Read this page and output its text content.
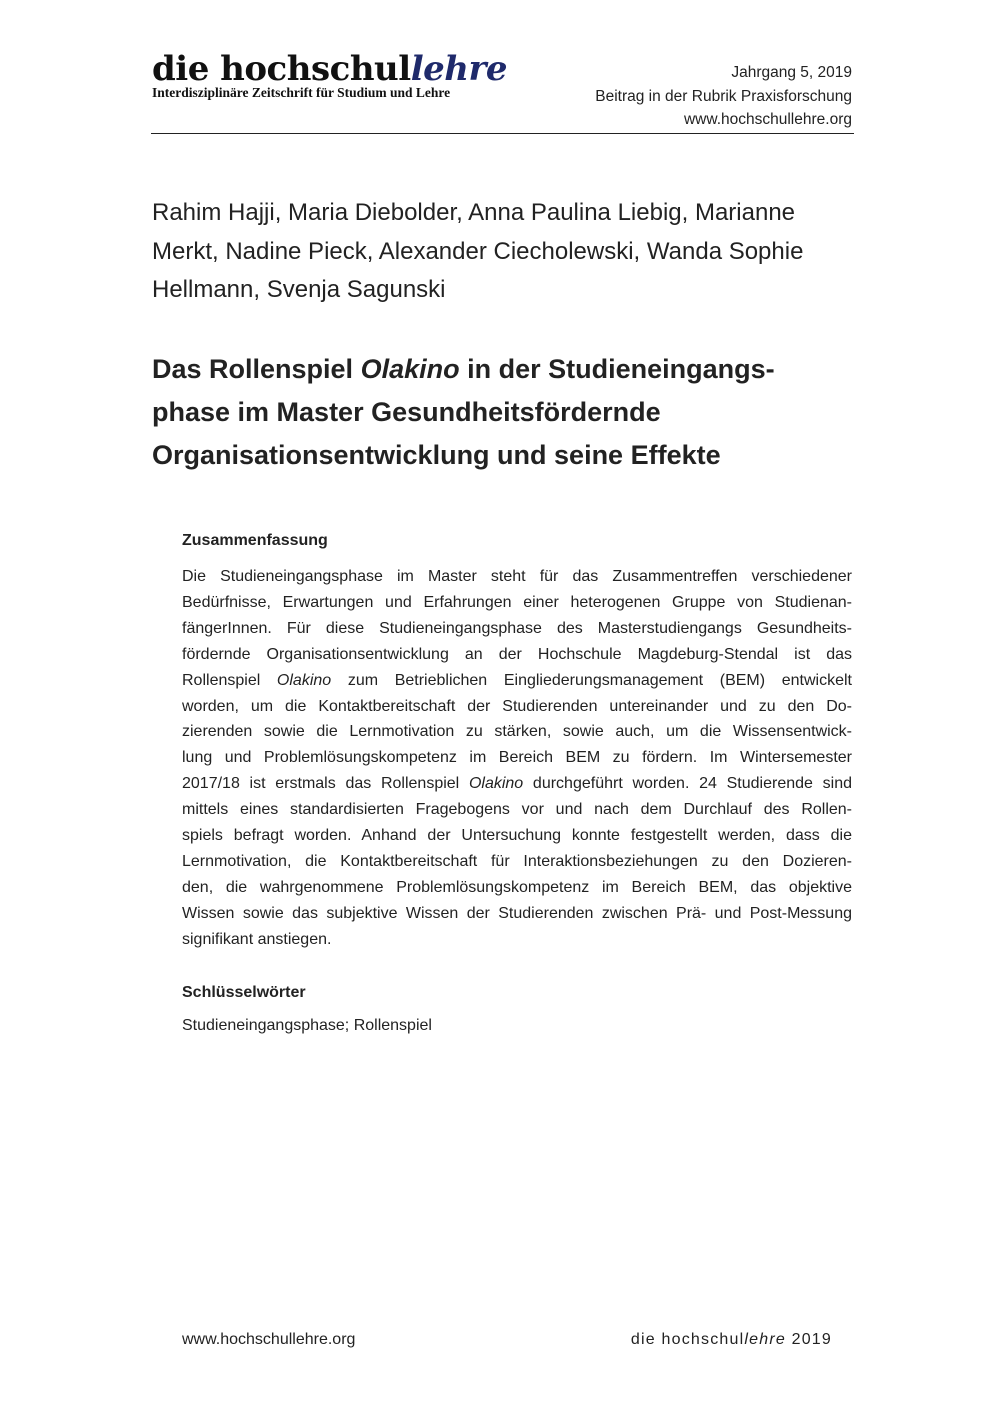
die hochschullehre
Interdisziplinäre Zeitschrift für Studium und Lehre
Jahrgang 5, 2019
Beitrag in der Rubrik Praxisforschung
www.hochschullehre.org
Rahim Hajji, Maria Diebolder, Anna Paulina Liebig, Marianne
Merkt, Nadine Pieck, Alexander Ciecholewski, Wanda Sophie
Hellmann, Svenja Sagunski
Das Rollenspiel Olakino in der Studieneingangs-
phase im Master Gesundheitsfördernde
Organisationsentwicklung und seine Effekte
Zusammenfassung
Die Studieneingangsphase im Master steht für das Zusammentreffen verschiedener
Bedürfnisse, Erwartungen und Erfahrungen einer heterogenen Gruppe von Studienan-
fängerInnen. Für diese Studieneingangsphase des Masterstudiengangs Gesundheits-
fördernde Organisationsentwicklung an der Hochschule Magdeburg-Stendal ist das
Rollenspiel Olakino zum Betrieblichen Eingliederungsmanagement (BEM) entwickelt
worden, um die Kontaktbereitschaft der Studierenden untereinander und zu den Do-
zierenden sowie die Lernmotivation zu stärken, sowie auch, um die Wissensentwick-
lung und Problemlösungskompetenz im Bereich BEM zu fördern. Im Wintersemester
2017/18 ist erstmals das Rollenspiel Olakino durchgeführt worden. 24 Studierende sind
mittels eines standardisierten Fragebogens vor und nach dem Durchlauf des Rollen-
spiels befragt worden. Anhand der Untersuchung konnte festgestellt werden, dass die
Lernmotivation, die Kontaktbereitschaft für Interaktionsbeziehungen zu den Dozieren-
den, die wahrgenommene Problemlösungskompetenz im Bereich BEM, das objektive
Wissen sowie das subjektive Wissen der Studierenden zwischen Prä- und Post-Messung
signifikant anstiegen.
Schlüsselwörter
Studieneingangsphase; Rollenspiel
www.hochschullehre.org	die hochschullehre 2019
